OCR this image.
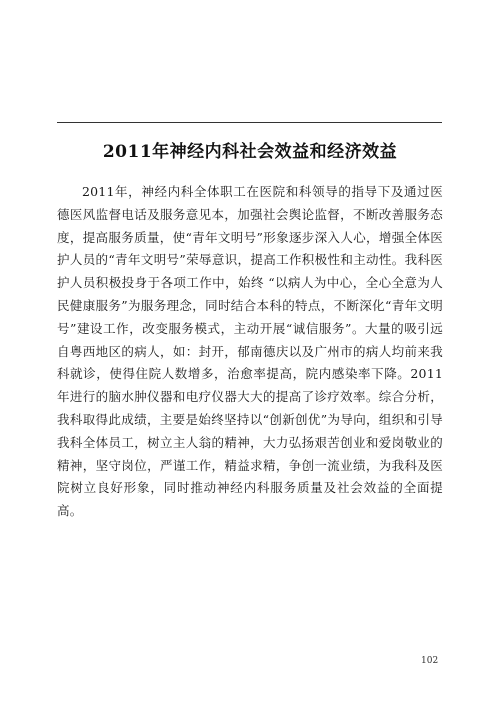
2011年神经内科社会效益和经济效益

2011年，神经内科全体职工在医院和科领导的指导下及通过医德医风监督电话及服务意见本，加强社会舆论监督，不断改善服务态度，提高服务质量，使“青年文明号”形象逐步深入人心，增强全体医护人员的“青年文明号”荣辱意识，提高工作积极性和主动性。我科医护人员积极投身于各项工作中，始终 “以病人为中心，全心全意为人民健康服务”为服务理念，同时结合本科的特点，不断深化“青年文明号”建设工作，改变服务模式，主动开展“诚信服务”。大量的吸引远自粤西地区的病人，如：封开，郁南德庆以及广州市的病人均前来我科就诊，使得住院人数增多，治愈率提高，院内感染率下降。2011年进行的脑水肿仪器和电疗仪器大大的提高了诊疗效率。综合分析，我科取得此成绩，主要是始终坚持以“创新创优”为导向，组织和引导我科全体员工，树立主人翁的精神，大力弘扬艰苦创业和爱岗敬业的精神，坚守岗位，严谨工作，精益求精，争创一流业绩，为我科及医院树立良好形象，同时推动神经内科服务质量及社会效益的全面提高。

102
